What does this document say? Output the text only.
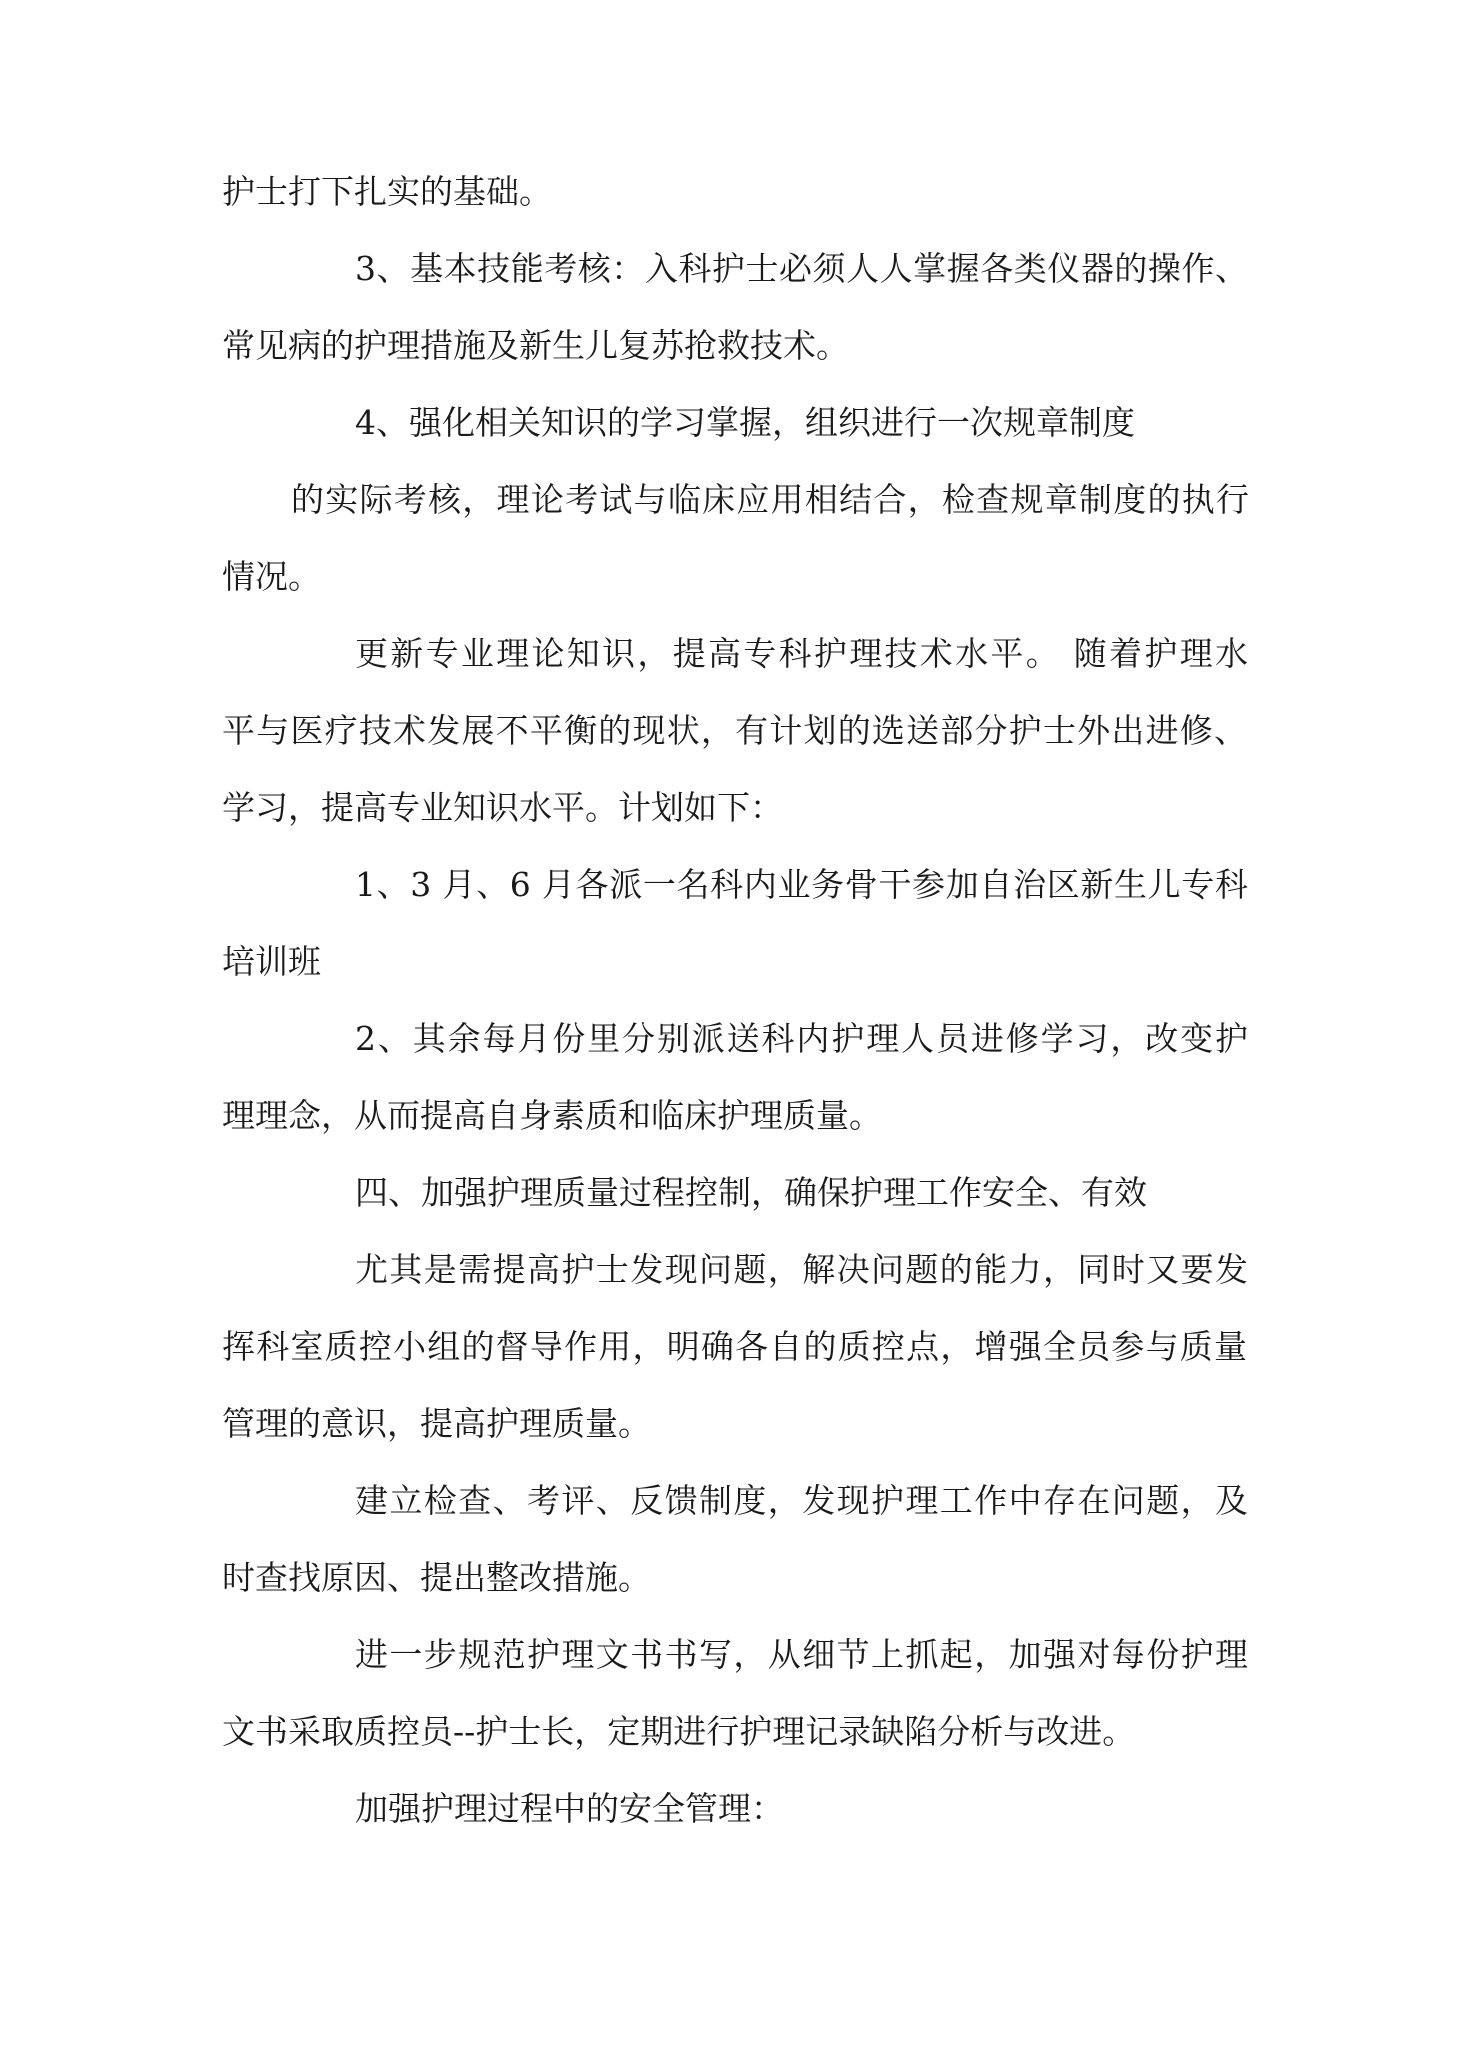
护士打下扎实的基础。
3、基本技能考核：入科护士必须人人掌握各类仪器的操作、
常见病的护理措施及新生儿复苏抢救技术。
4、强化相关知识的学习掌握，组织进行一次规章制度
的实际考核，理论考试与临床应用相结合，检查规章制度的执行
情况。
更新专业理论知识，提高专科护理技术水平。 随着护理水
平与医疗技术发展不平衡的现状，有计划的选送部分护士外出进修、
学习，提高专业知识水平。计划如下：
1、3 月、6 月各派一名科内业务骨干参加自治区新生儿专科
培训班
2、其余每月份里分别派送科内护理人员进修学习，改变护
理理念，从而提高自身素质和临床护理质量。
四、加强护理质量过程控制，确保护理工作安全、有效
尤其是需提高护士发现问题，解决问题的能力，同时又要发
挥科室质控小组的督导作用，明确各自的质控点，增强全员参与质量
管理的意识，提高护理质量。
建立检查、考评、反馈制度，发现护理工作中存在问题，及
时查找原因、提出整改措施。
进一步规范护理文书书写，从细节上抓起，加强对每份护理
文书采取质控员--护士长，定期进行护理记录缺陷分析与改进。
加强护理过程中的安全管理：
